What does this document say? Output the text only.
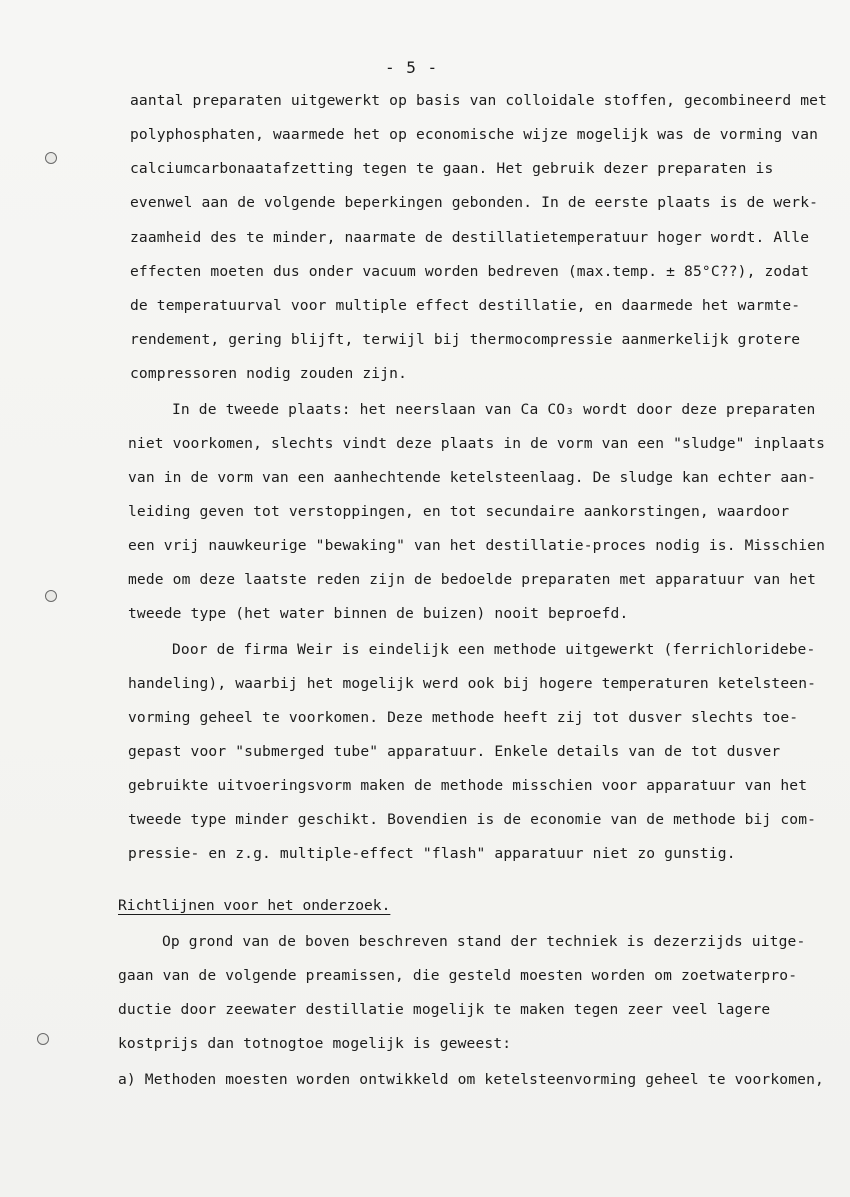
- 5 -
aantal preparaten uitgewerkt op basis van colloidale stoffen, gecombineerd met
polyphosphaten, waarmede het op economische wijze mogelijk was de vorming van
calciumcarbonaatafzetting tegen te gaan. Het gebruik dezer preparaten is
evenwel aan de volgende beperkingen gebonden. In de eerste plaats is de werk-
zaamheid des te minder, naarmate de destillatietemperatuur hoger wordt. Alle
effecten moeten dus onder vacuum worden bedreven (max.temp. ± 85°C??), zodat
de temperatuurval voor multiple effect destillatie, en daarmede het warmte-
rendement, gering blijft, terwijl bij thermocompressie aanmerkelijk grotere
compressoren nodig zouden zijn.
In de tweede plaats: het neerslaan van Ca CO₃ wordt door deze preparaten
niet voorkomen, slechts vindt deze plaats in de vorm van een "sludge" inplaats
van in de vorm van een aanhechtende ketelsteenlaag. De sludge kan echter aan-
leiding geven tot verstoppingen, en tot secundaire aankorstingen, waardoor
een vrij nauwkeurige "bewaking" van het destillatie-proces nodig is. Misschien
mede om deze laatste reden zijn de bedoelde preparaten met apparatuur van het
tweede type (het water binnen de buizen) nooit beproefd.
Door de firma Weir is eindelijk een methode uitgewerkt (ferrichloridebe-
handeling), waarbij het mogelijk werd ook bij hogere temperaturen ketelsteen-
vorming geheel te voorkomen. Deze methode heeft zij tot dusver slechts toe-
gepast voor "submerged tube" apparatuur. Enkele details van de tot dusver
gebruikte uitvoeringsvorm maken de methode misschien voor apparatuur van het
tweede type minder geschikt. Bovendien is de economie van de methode bij com-
pressie- en z.g. multiple-effect "flash" apparatuur niet zo gunstig.
Richtlijnen voor het onderzoek.
Op grond van de boven beschreven stand der techniek is dezerzijds uitge-
gaan van de volgende preamissen, die gesteld moesten worden om zoetwaterpro-
ductie door zeewater destillatie mogelijk te maken tegen zeer veel lagere
kostprijs dan totnogtoe mogelijk is geweest:
a) Methoden moesten worden ontwikkeld om ketelsteenvorming geheel te voorkomen,
